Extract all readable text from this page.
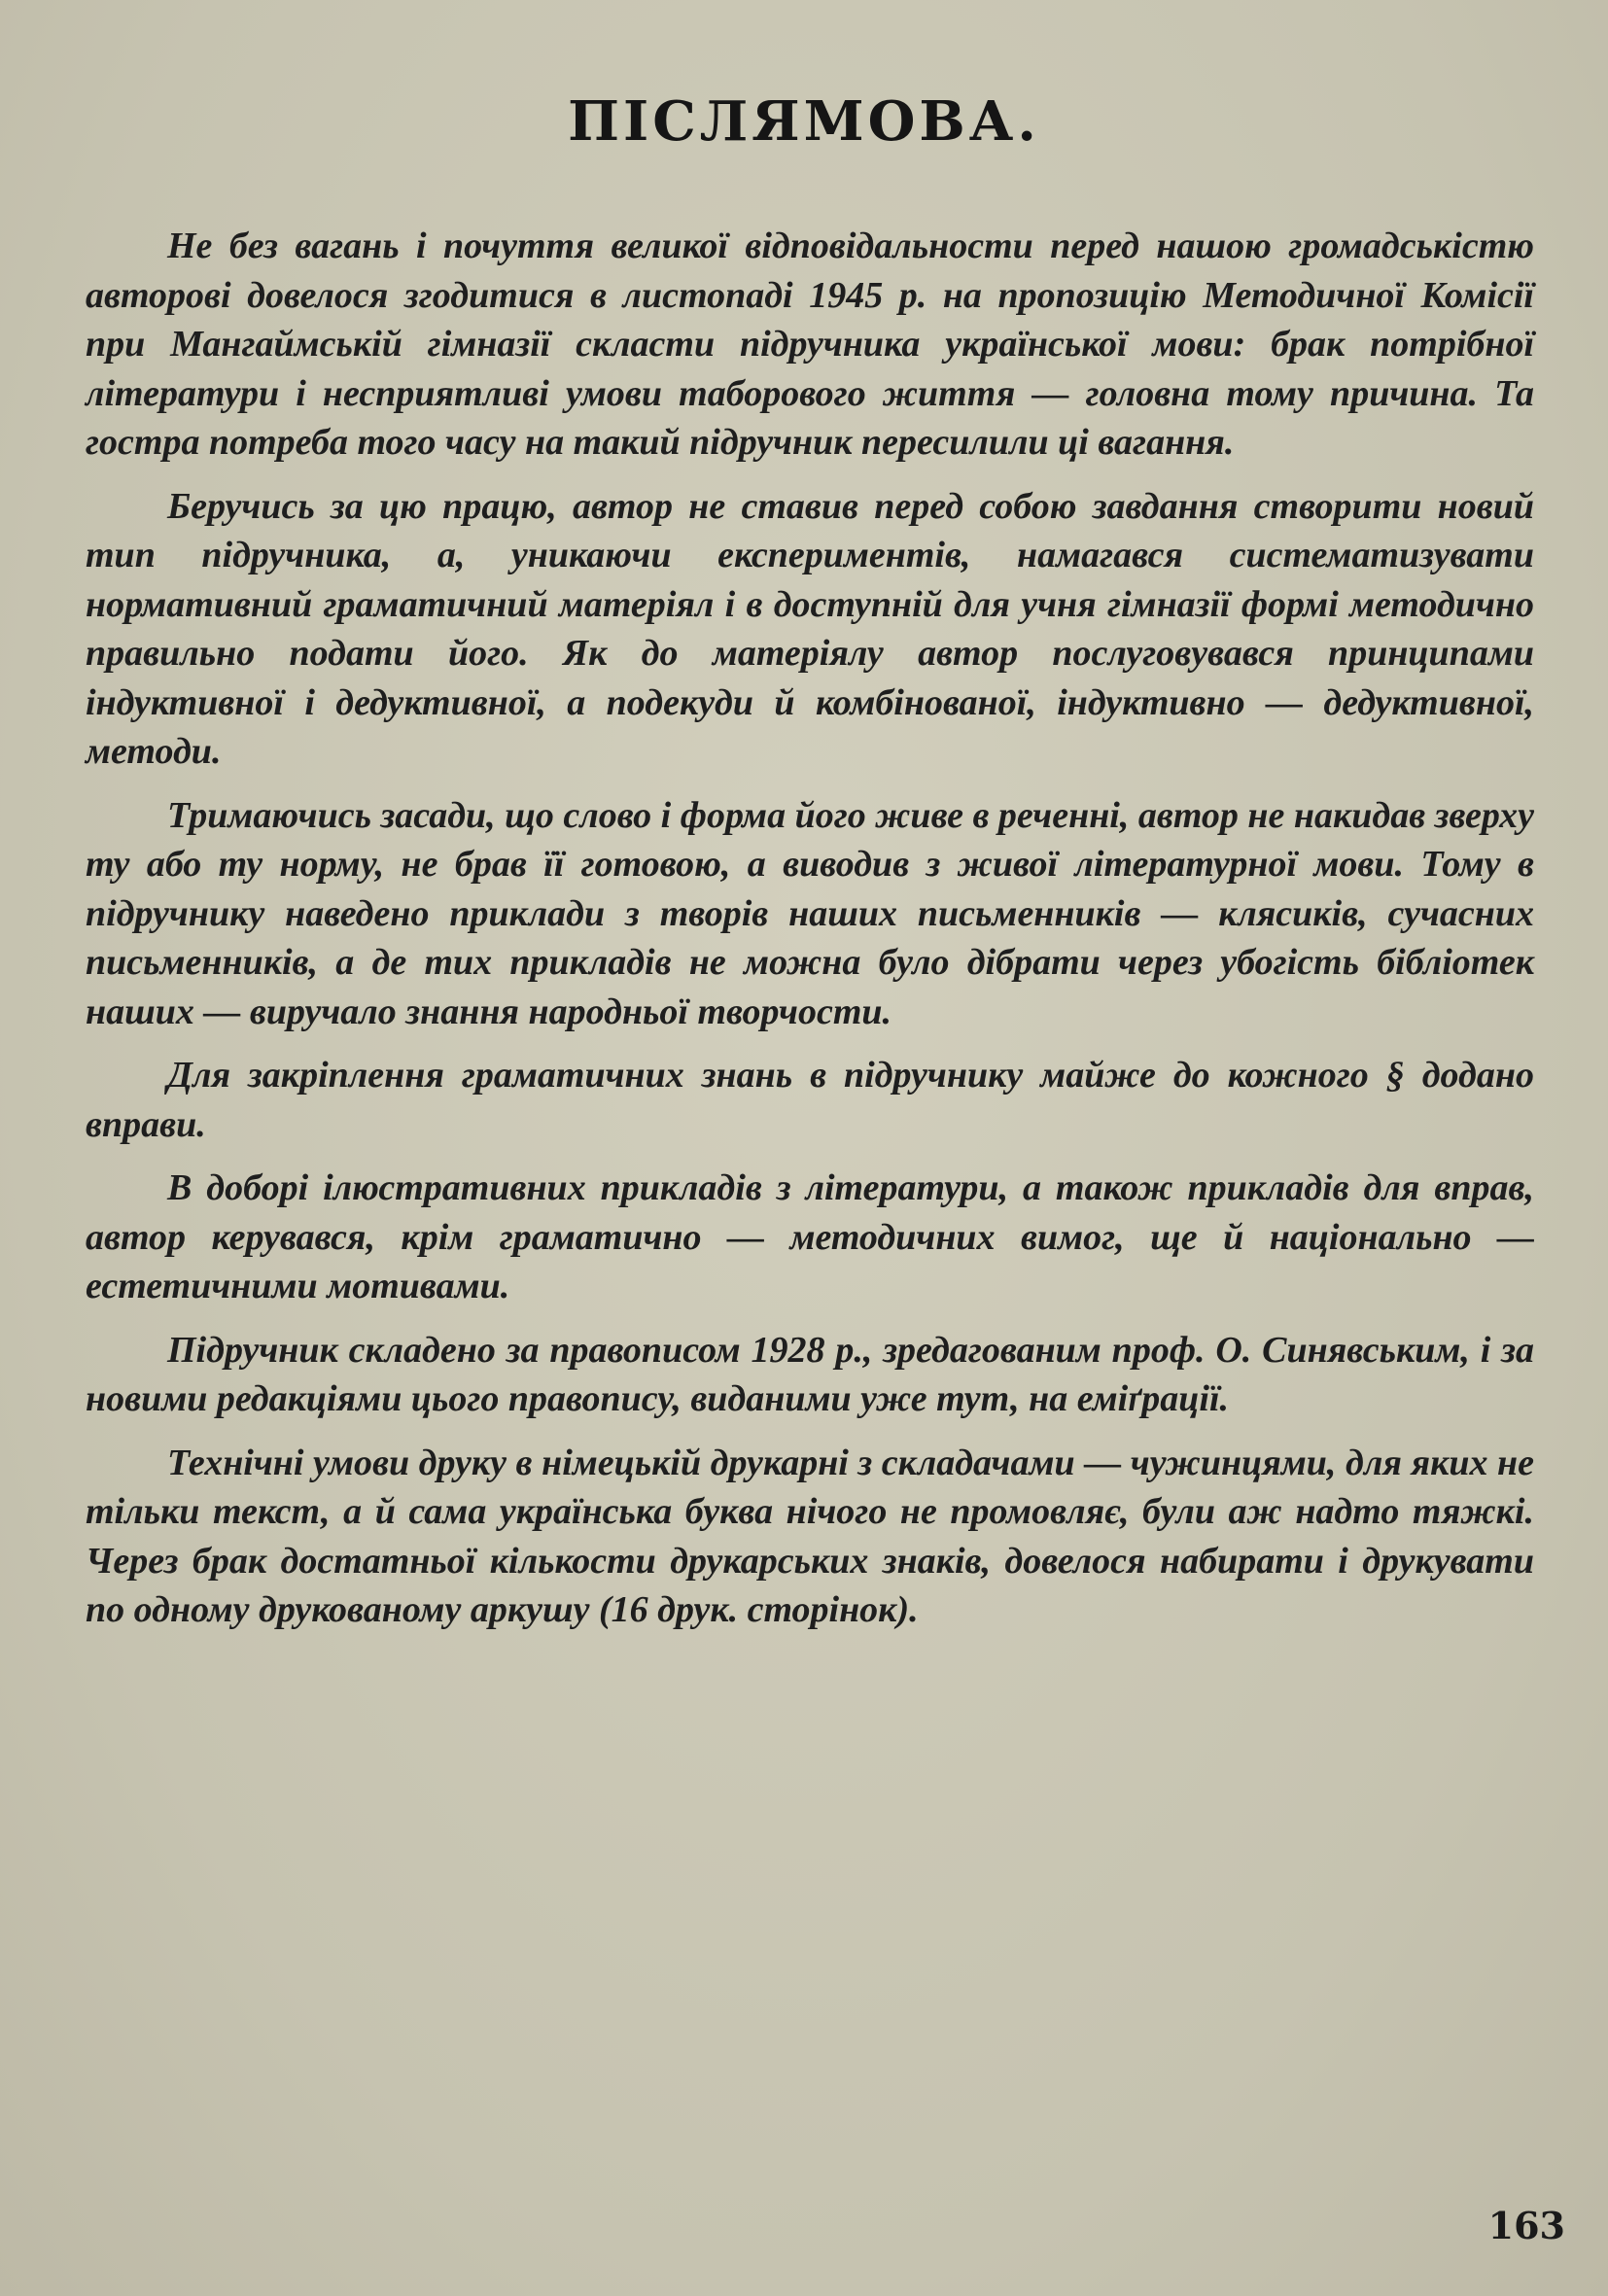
ПІСЛЯМОВА.

Не без вагань і почуття великої відповідальности перед нашою громадськістю авторові довелося згодитися в листопаді 1945 р. на пропозицію Методичної Комісії при Мангаймській гімназії скласти підручника української мови: брак потрібної літератури і несприятливі умови таборового життя — головна тому причина. Та гостра потреба того часу на такий підручник пересилили ці вагання.

Беручись за цю працю, автор не ставив перед собою завдання створити новий тип підручника, а, уникаючи експериментів, намагався систематизувати нормативний граматичний матеріял і в доступній для учня гімназії формі методично правильно подати його. Як до матеріялу автор послуговувався принципами індуктивної і дедуктивної, а подекуди й комбінованої, індуктивно — дедуктивної, методи.

Тримаючись засади, що слово і форма його живе в реченні, автор не накидав зверху ту або ту норму, не брав її готовою, а виводив з живої літературної мови. Тому в підручнику наведено приклади з творів наших письменників — клясиків, сучасних письменників, а де тих прикладів не можна було дібрати через убогість бібліотек наших — виручало знання народньої творчости.

Для закріплення граматичних знань в підручнику майже до кожного § додано вправи.

В доборі ілюстративних прикладів з літератури, а також прикладів для вправ, автор керувався, крім граматично — методичних вимог, ще й національно — естетичними мотивами.

Підручник складено за правописом 1928 р., зредагованим проф. О. Синявським, і за новими редакціями цього правопису, виданими уже тут, на еміґрації.

Технічні умови друку в німецькій друкарні з складачами — чужинцями, для яких не тільки текст, а й сама українська буква нічого не промовляє, були аж надто тяжкі. Через брак достатньої кількости друкарських знаків, довелося набирати і друкувати по одному друкованому аркушу (16 друк. сторінок).

163
